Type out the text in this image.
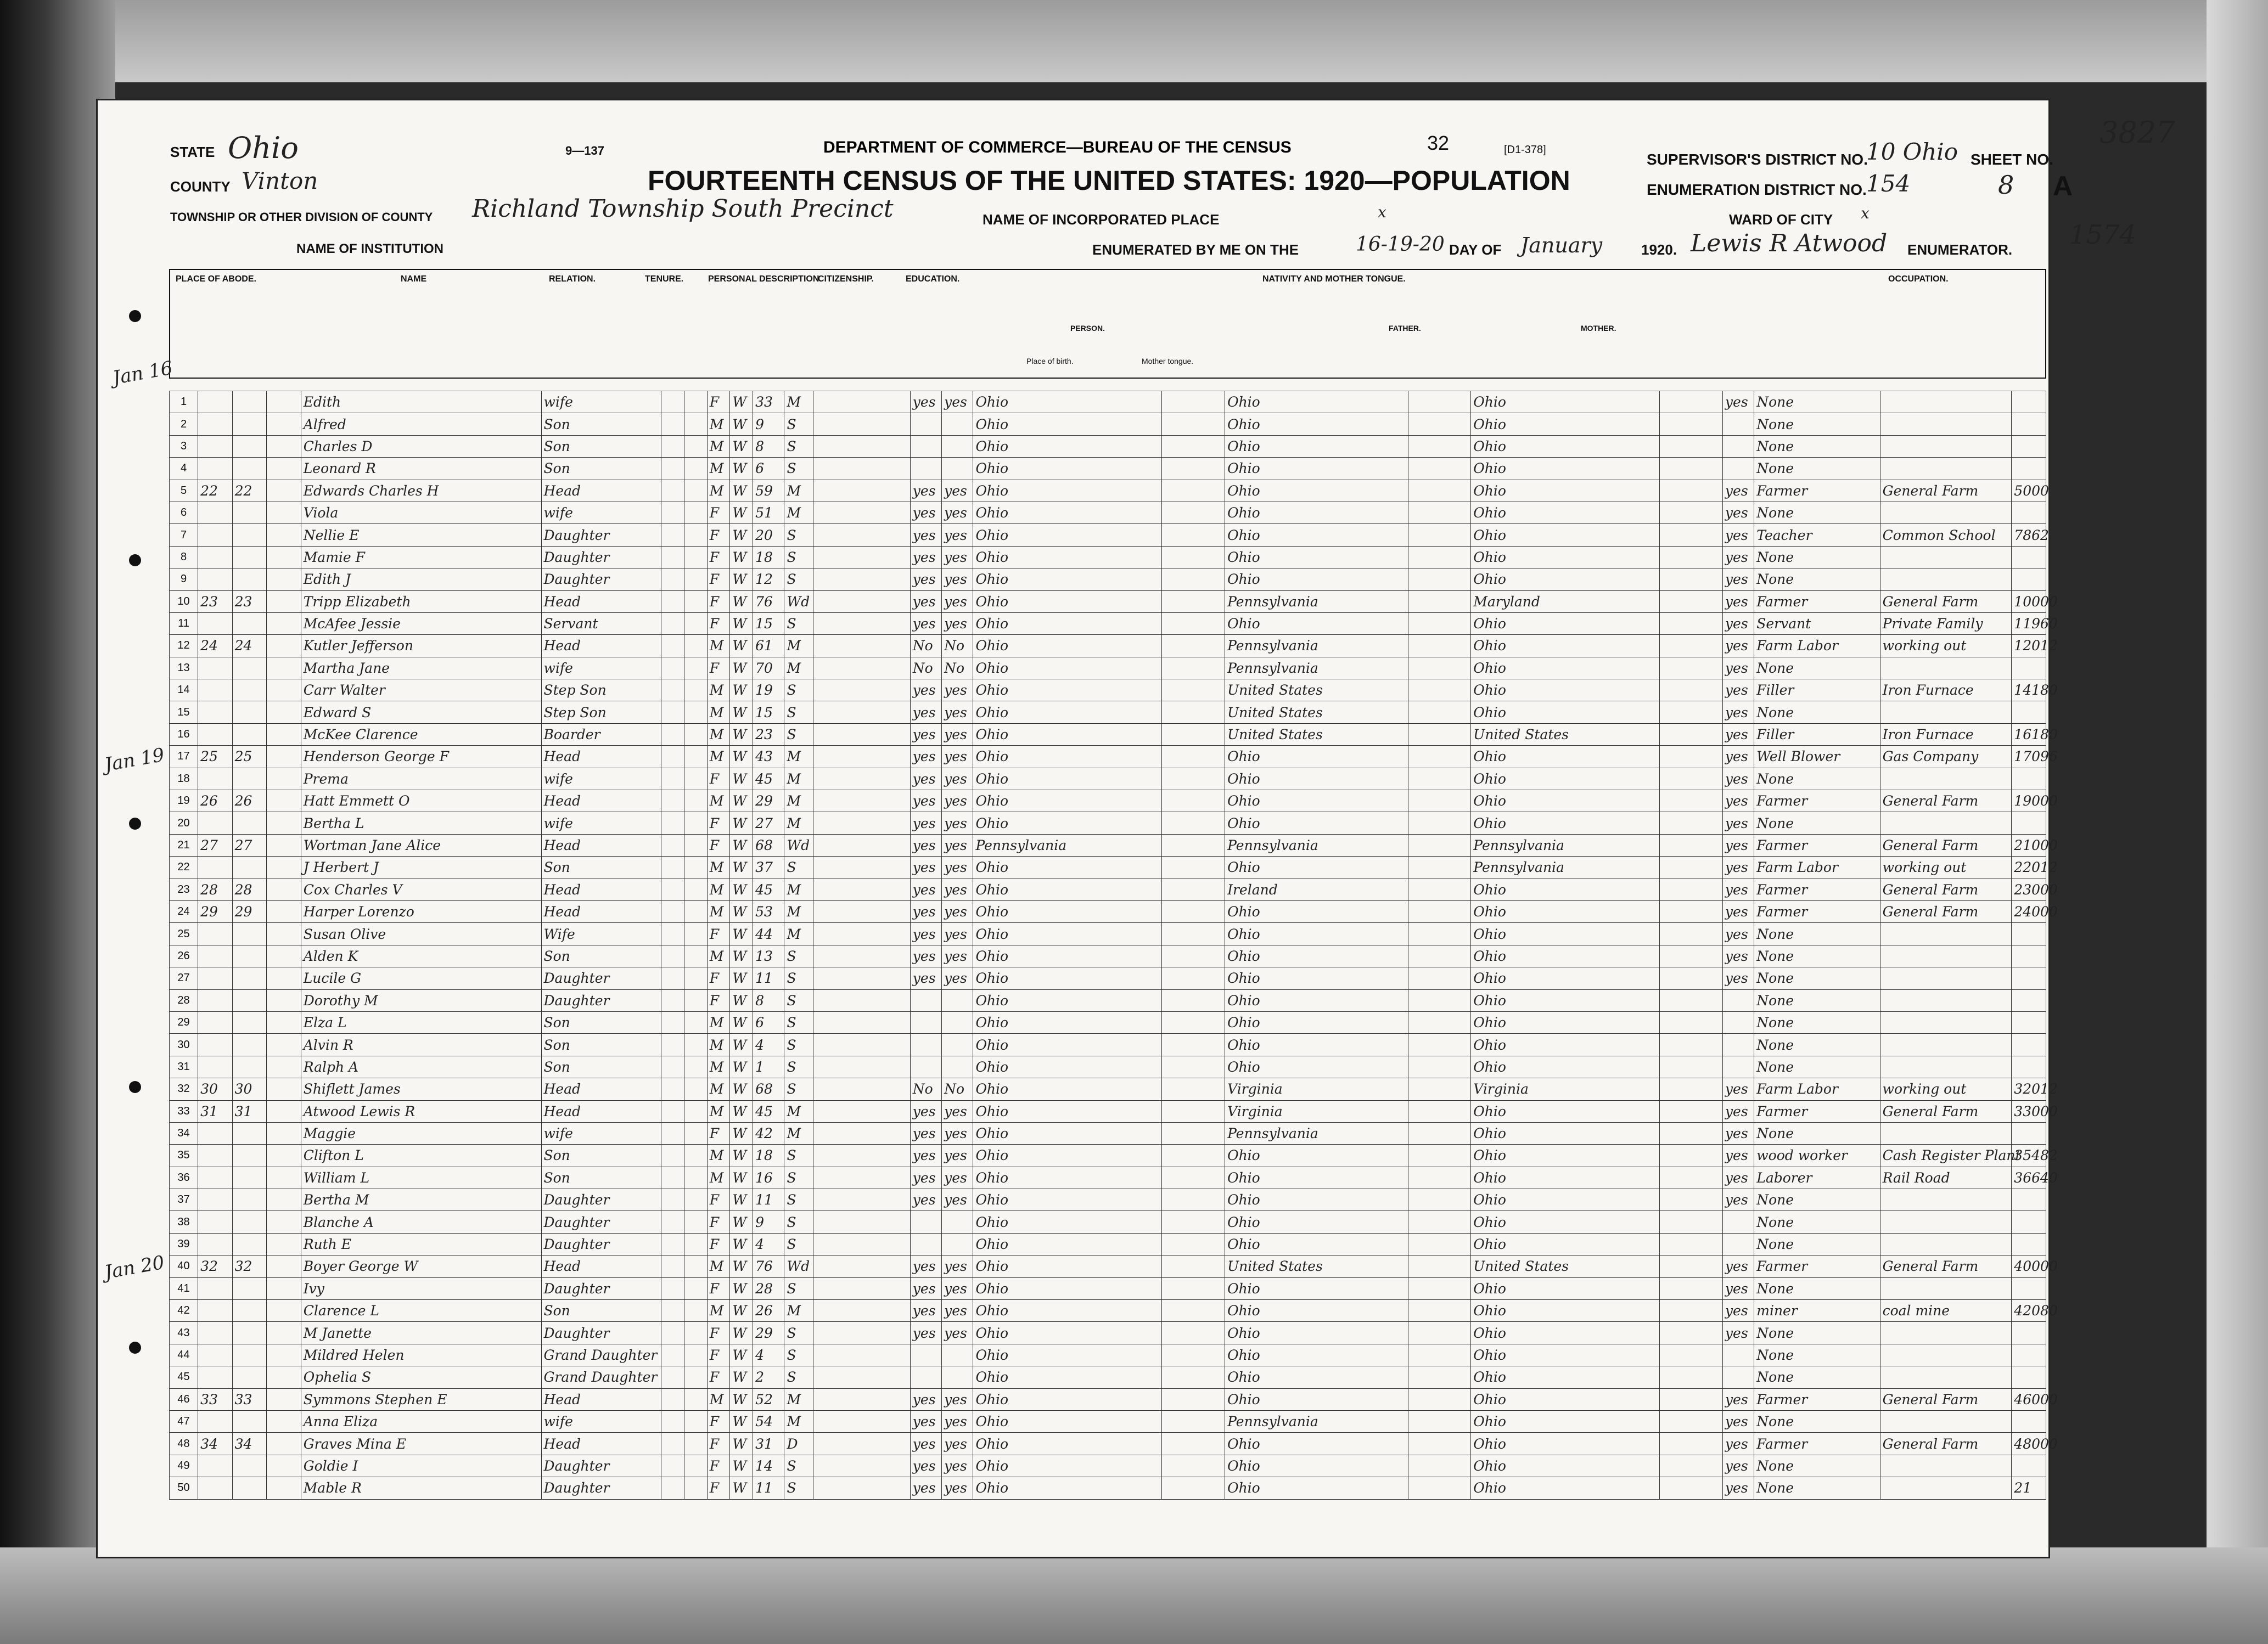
STATE Ohio
COUNTY Vinton
TOWNSHIP OR OTHER DIVISION OF COUNTY Richland Township South Precinct
NAME OF INSTITUTION
9—137	DEPARTMENT OF COMMERCE—BUREAU OF THE CENSUS
FOURTEENTH CENSUS OF THE UNITED STATES: 1920—POPULATION
32	[D1-378]
NAME OF INCORPORATED PLACE	x	WARD OF CITY x
ENUMERATED BY ME ON THE	16-19-20 DAY OF January	1920. Lewis R Atwood ENUMERATOR.
SUPERVISOR'S DISTRICT NO.
10 Ohio
ENUMERATION DISTRICT NO. 154
SHEET NO.
8 A
3827
1574
PLACE OF ABODE.	NAME	RELATION.	TENURE.	PERSONAL DESCRIPTION.
CITIZENSHIP.	EDUCATION.	NATIVITY AND MOTHER TONGUE.	OCCUPATION.
PERSON.	FATHER.	MOTHER.
Place of birth.	Mother tongue.
Jan 16
Jan 19
Jan 20
1				Edith	wife			F	W	33	M		yes	yes	Ohio		Ohio		Ohio		yes	None		
2				Alfred	Son			M	W	9	S				Ohio		Ohio		Ohio			None		
3				Charles D	Son			M	W	8	S				Ohio		Ohio		Ohio			None		
4				Leonard R	Son			M	W	6	S				Ohio		Ohio		Ohio			None		
5	22	22		Edwards Charles H	Head			M	W	59	M		yes	yes	Ohio		Ohio		Ohio		yes	Farmer	General Farm	5000
6				Viola	wife			F	W	51	M		yes	yes	Ohio		Ohio		Ohio		yes	None		
7				Nellie E	Daughter			F	W	20	S		yes	yes	Ohio		Ohio		Ohio		yes	Teacher	Common School	7862
8				Mamie F	Daughter			F	W	18	S		yes	yes	Ohio		Ohio		Ohio		yes	None		
9				Edith J	Daughter			F	W	12	S		yes	yes	Ohio		Ohio		Ohio		yes	None		
10	23	23		Tripp Elizabeth	Head			F	W	76	Wd		yes	yes	Ohio		Pennsylvania		Maryland		yes	Farmer	General Farm	10000
11				McAfee Jessie	Servant			F	W	15	S		yes	yes	Ohio		Ohio		Ohio		yes	Servant	Private Family	11960
12	24	24		Kutler Jefferson	Head			M	W	61	M		No	No	Ohio		Pennsylvania		Ohio		yes	Farm Labor	working out	12012
13				Martha Jane	wife			F	W	70	M		No	No	Ohio		Pennsylvania		Ohio		yes	None		
14				Carr Walter	Step Son			M	W	19	S		yes	yes	Ohio		United States		Ohio		yes	Filler	Iron Furnace	14180
15				Edward S	Step Son			M	W	15	S		yes	yes	Ohio		United States		Ohio		yes	None		
16				McKee Clarence	Boarder			M	W	23	S		yes	yes	Ohio		United States		United States		yes	Filler	Iron Furnace	16180
17	25	25		Henderson George F	Head			M	W	43	M		yes	yes	Ohio		Ohio		Ohio		yes	Well Blower	Gas Company	17096
18				Prema	wife			F	W	45	M		yes	yes	Ohio		Ohio		Ohio		yes	None		
19	26	26		Hatt Emmett O	Head			M	W	29	M		yes	yes	Ohio		Ohio		Ohio		yes	Farmer	General Farm	19000
20				Bertha L	wife			F	W	27	M		yes	yes	Ohio		Ohio		Ohio		yes	None		
21	27	27		Wortman Jane Alice	Head			F	W	68	Wd		yes	yes	Pennsylvania		Pennsylvania		Pennsylvania		yes	Farmer	General Farm	21000
22				J Herbert J	Son			M	W	37	S		yes	yes	Ohio		Ohio		Pennsylvania		yes	Farm Labor	working out	22012
23	28	28		Cox Charles V	Head			M	W	45	M		yes	yes	Ohio		Ireland		Ohio		yes	Farmer	General Farm	23000
24	29	29		Harper Lorenzo	Head			M	W	53	M		yes	yes	Ohio		Ohio		Ohio		yes	Farmer	General Farm	24000
25				Susan Olive	Wife			F	W	44	M		yes	yes	Ohio		Ohio		Ohio		yes	None		
26				Alden K	Son			M	W	13	S		yes	yes	Ohio		Ohio		Ohio		yes	None		
27				Lucile G	Daughter			F	W	11	S		yes	yes	Ohio		Ohio		Ohio		yes	None		
28				Dorothy M	Daughter			F	W	8	S				Ohio		Ohio		Ohio			None		
29				Elza L	Son			M	W	6	S				Ohio		Ohio		Ohio			None		
30				Alvin R	Son			M	W	4	S				Ohio		Ohio		Ohio			None		
31				Ralph A	Son			M	W	1	S				Ohio		Ohio		Ohio			None		
32	30	30		Shiflett James	Head			M	W	68	S		No	No	Ohio		Virginia		Virginia		yes	Farm Labor	working out	32012
33	31	31		Atwood Lewis R	Head			M	W	45	M		yes	yes	Ohio		Virginia		Ohio		yes	Farmer	General Farm	33000
34				Maggie	wife			F	W	42	M		yes	yes	Ohio		Pennsylvania		Ohio		yes	None		
35				Clifton L	Son			M	W	18	S		yes	yes	Ohio		Ohio		Ohio		yes	wood worker	Cash Register Plant	35482
36				William L	Son			M	W	16	S		yes	yes	Ohio		Ohio		Ohio		yes	Laborer	Rail Road	36640
37				Bertha M	Daughter			F	W	11	S		yes	yes	Ohio		Ohio		Ohio		yes	None		
38				Blanche A	Daughter			F	W	9	S				Ohio		Ohio		Ohio			None		
39				Ruth E	Daughter			F	W	4	S				Ohio		Ohio		Ohio			None		
40	32	32		Boyer George W	Head			M	W	76	Wd		yes	yes	Ohio		United States		United States		yes	Farmer	General Farm	40000
41				Ivy	Daughter			F	W	28	S		yes	yes	Ohio		Ohio		Ohio		yes	None		
42				Clarence L	Son			M	W	26	M		yes	yes	Ohio		Ohio		Ohio		yes	miner	coal mine	42080
43				M Janette	Daughter			F	W	29	S		yes	yes	Ohio		Ohio		Ohio		yes	None		
44				Mildred Helen	Grand Daughter			F	W	4	S				Ohio		Ohio		Ohio			None		
45				Ophelia S	Grand Daughter			F	W	2	S				Ohio		Ohio		Ohio			None		
46	33	33		Symmons Stephen E	Head			M	W	52	M		yes	yes	Ohio		Ohio		Ohio		yes	Farmer	General Farm	46000
47				Anna Eliza	wife			F	W	54	M		yes	yes	Ohio		Pennsylvania		Ohio		yes	None		
48	34	34		Graves Mina E	Head			F	W	31	D		yes	yes	Ohio		Ohio		Ohio		yes	Farmer	General Farm	48000
49				Goldie I	Daughter			F	W	14	S		yes	yes	Ohio		Ohio		Ohio		yes	None		
50				Mable R	Daughter			F	W	11	S		yes	yes	Ohio		Ohio		Ohio		yes	None		21
